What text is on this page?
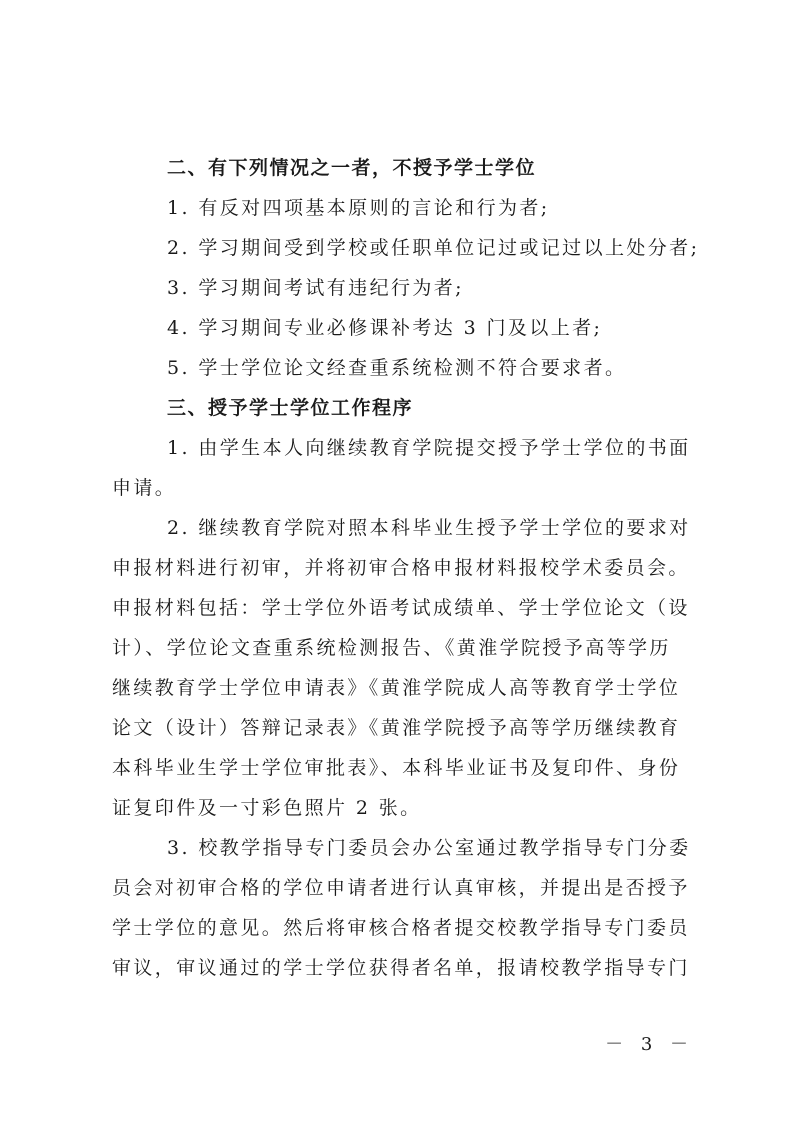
二、有下列情况之一者，不授予学士学位
1. 有反对四项基本原则的言论和行为者;
2. 学习期间受到学校或任职单位记过或记过以上处分者;
3. 学习期间考试有违纪行为者;
4. 学习期间专业必修课补考达 3 门及以上者;
5. 学士学位论文经查重系统检测不符合要求者。
三、授予学士学位工作程序
1. 由学生本人向继续教育学院提交授予学士学位的书面
申请。
2. 继续教育学院对照本科毕业生授予学士学位的要求对
申报材料进行初审，并将初审合格申报材料报校学术委员会。
申报材料包括：学士学位外语考试成绩单、学士学位论文（设
计）、学位论文查重系统检测报告、《黄淮学院授予高等学历
继续教育学士学位申请表》《黄淮学院成人高等教育学士学位
论文（设计）答辩记录表》《黄淮学院授予高等学历继续教育
本科毕业生学士学位审批表》、本科毕业证书及复印件、身份
证复印件及一寸彩色照片 2 张。
3. 校教学指导专门委员会办公室通过教学指导专门分委
员会对初审合格的学位申请者进行认真审核，并提出是否授予
学士学位的意见。然后将审核合格者提交校教学指导专门委员
审议，审议通过的学士学位获得者名单，报请校教学指导专门
－ 3 －
